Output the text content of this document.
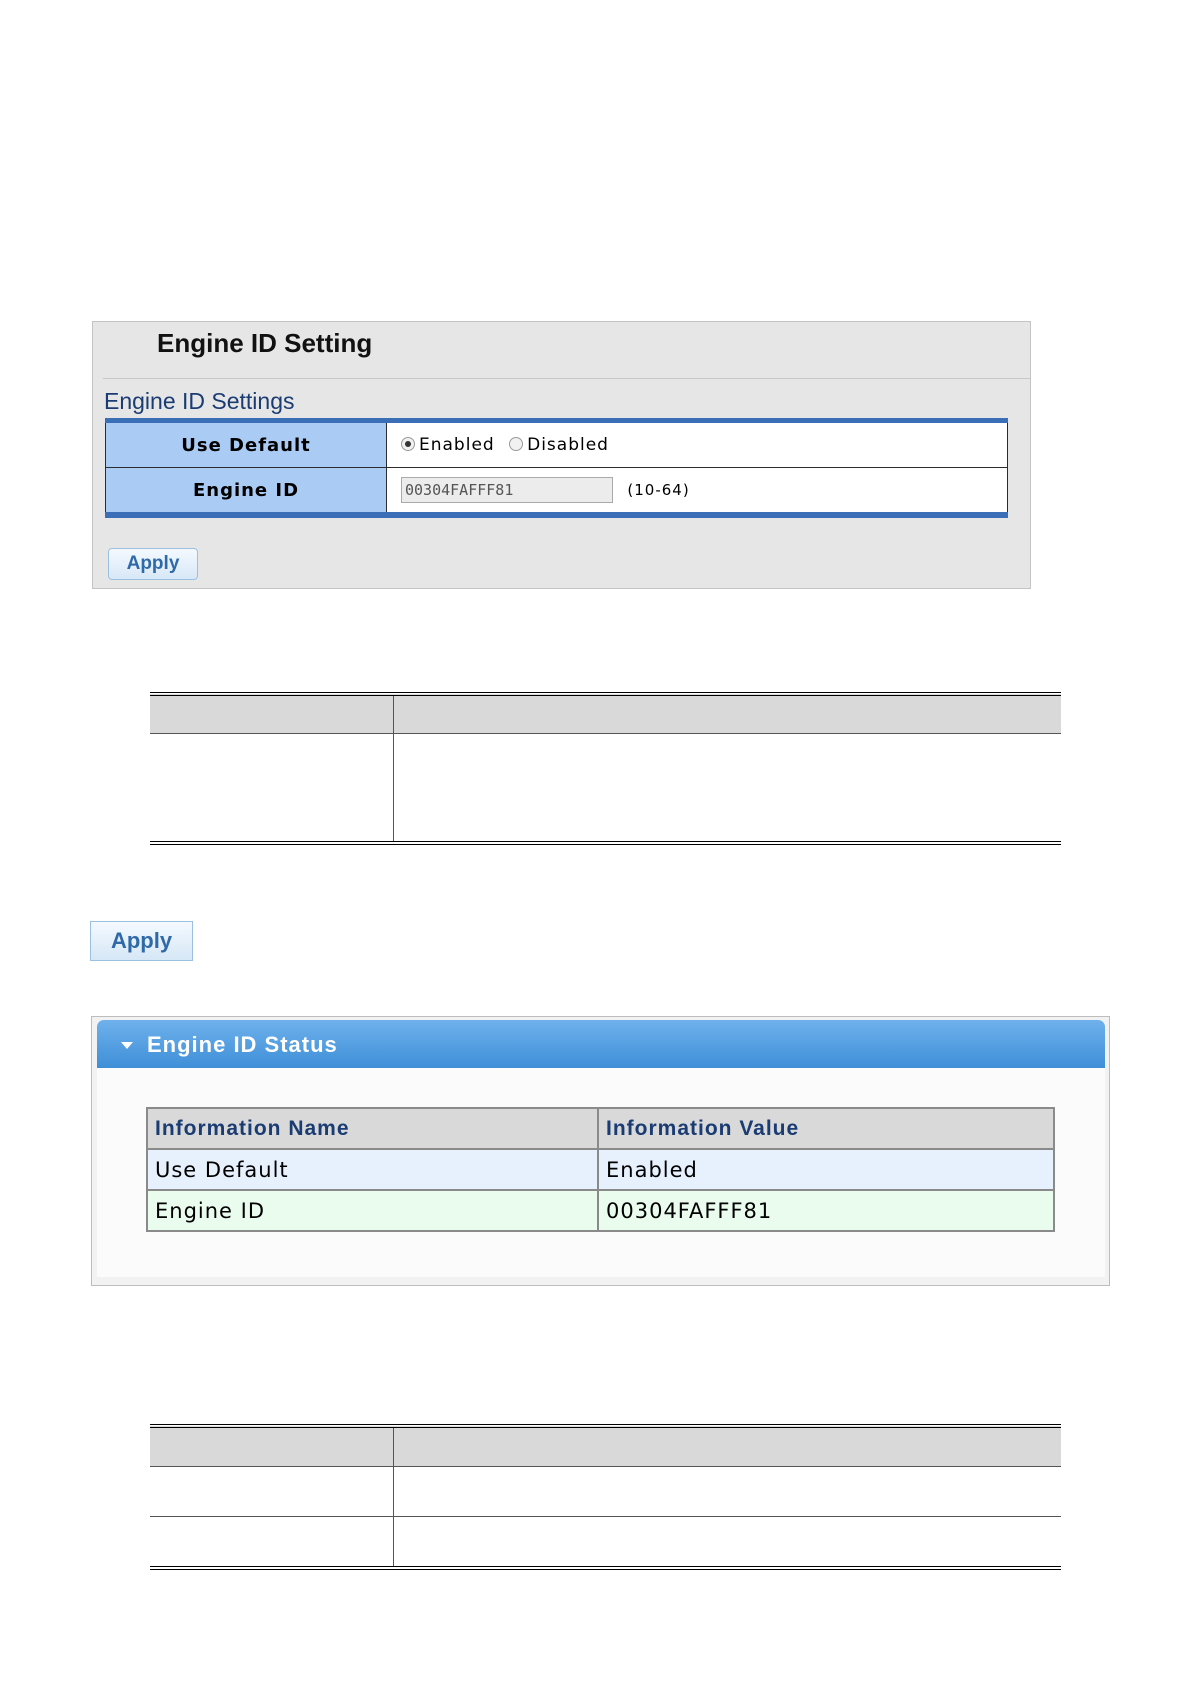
Engine ID Setting
Engine ID Settings
Use Default	Enabled Disabled
Engine ID	00304FAFFF81(10-64)
Apply

Apply
Engine ID Status
Information Name	Information Value
Use Default	Enabled
Engine ID	00304FAFFF81
